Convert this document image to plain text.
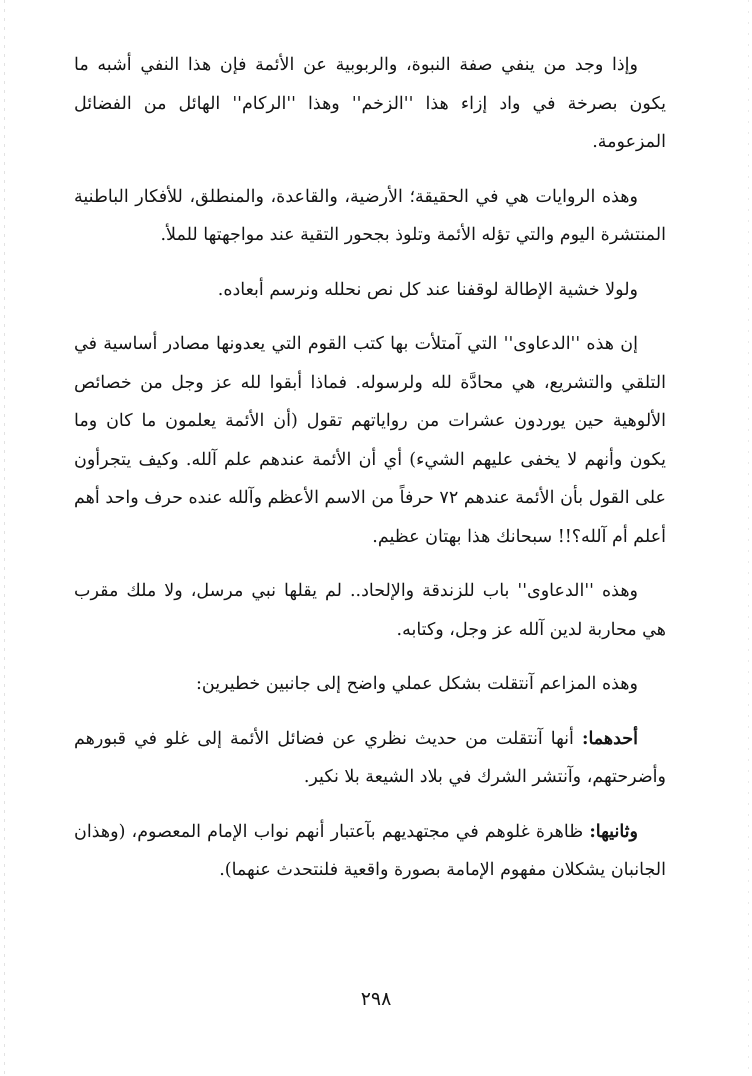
وإذا وجد من ينفي صفة النبوة، والربوبية عن الأئمة فإن هذا النفي أشبه ما يكون بصرخة في واد إزاء هذا ''الزخم'' وهذا ''الركام'' الهائل من الفضائل المزعومة.

وهذه الروايات هي في الحقيقة؛ الأرضية، والقاعدة، والمنطلق، للأفكار الباطنية المنتشرة اليوم والتي تؤله الأئمة وتلوذ بجحور التقية عند مواجهتها للملأ.

ولولا خشية الإطالة لوقفنا عند كل نص نحلله ونرسم أبعاده.

إن هذه ''الدعاوى'' التي آمتلأت بها كتب القوم التي يعدونها مصادر أساسية في التلقي والتشريع، هي محادَّة لله ولرسوله. فماذا أبقوا لله عز وجل من خصائص الألوهية حين يوردون عشرات من رواياتهم تقول (أن الأئمة يعلمون ما كان وما يكون وأنهم لا يخفى عليهم الشيء) أي أن الأئمة عندهم علم آلله. وكيف يتجرأون على القول بأن الأئمة عندهم ٧٢ حرفاً من الاسم الأعظم وآلله عنده حرف واحد أهم أعلم أم آلله؟!! سبحانك هذا بهتان عظيم.

وهذه ''الدعاوى'' باب للزندقة والإلحاد.. لم يقلها نبي مرسل، ولا ملك مقرب هي محاربة لدين آلله عز وجل، وكتابه.

وهذه المزاعم آنتقلت بشكل عملي واضح إلى جانبين خطيرين:

أحدهما: أنها آنتقلت من حديث نظري عن فضائل الأئمة إلى غلو في قبورهم وأضرحتهم، وآنتشر الشرك في بلاد الشيعة بلا نكير.

وثانيها: ظاهرة غلوهم في مجتهديهم بآعتبار أنهم نواب الإمام المعصوم، (وهذان الجانبان يشكلان مفهوم الإمامة بصورة واقعية فلنتحدث عنهما).

٢٩٨
